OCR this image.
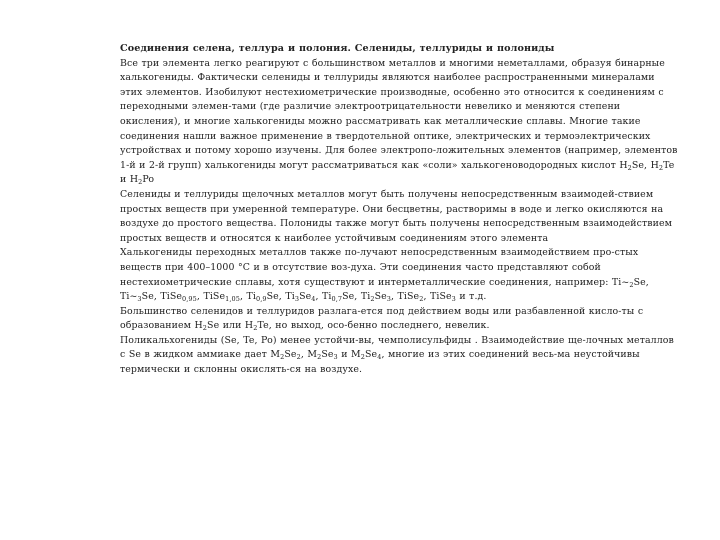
Соединения селена, теллура и полония. Селениды, теллуриды и полониды

Все три элемента легко реагируют с большинством металлов и многими неметаллами, образуя бинарные халькогениды. Фактически селениды и теллуриды являются наиболее распространенными минералами этих элементов. Изобилуют нестехиометрические производные, особенно это относится к соединениям с переходными элемен-тами (где различие электроотрицательности невелико и меняются степени окисления), и многие халькогениды можно рассматривать как металлические сплавы. Многие такие соединения нашли важное применение в твердотельной оптике, электрических и термоэлектрических устройствах и потому хорошо изучены. Для более электропо-ложительных элементов (например, элементов 1-й и 2-й групп) халькогениды могут рассматриваться как «соли» халькогеноводородных кислот $H_2Se$, $H_2Te$ и $H_2Po$

Селениды и теллуриды щелочных металлов могут быть получены непосредственным взаимодей-ствием простых веществ при умеренной температуре. Они бесцветны, растворимы в воде и легко окисляются на воздухе до простого вещества. Полониды также могут быть получены непосредственным взаимодействием простых веществ и относятся к наиболее устойчивым соединениям этого элемента

Халькогениды переходных металлов также по-лучают непосредственным взаимодействием про-стых веществ при 400–1000 °C и в отсутствие воз-духа. Эти соединения часто представляют собой нестехиометрические сплавы, хотя существуют и интерметаллические соединения, например: $Ti\sim_2Se$, $Ti\sim_3Se$, TiSe$_{0,95}$, TiSe$_{1,05}$, $Ti_{0,9}Se$, $Ti_3Se_4$, $Ti_{0,7}Se$, $Ti_2Se_3$, TiSe$_2$, TiSe$_3$ и т.д.

Большинство селенидов и теллуридов разлага-ется под действием воды или разбавленной кисло-ты с образованием $H_2Se$ или $H_2Te$, но выход, осо-бенно последнего, невелик.

Поликальхогениды (Se, Te, Po) менее устойчи-вы, чемполисульфиды . Взаимодействие ще-лочных металлов с Se в жидком аммиаке дает $M_2Se_2$, $M_2Se_3$ и $M_2Se_4$, многие из этих соединений весь-ма неустойчивы термически и склонны окислять-ся на воздухе.
